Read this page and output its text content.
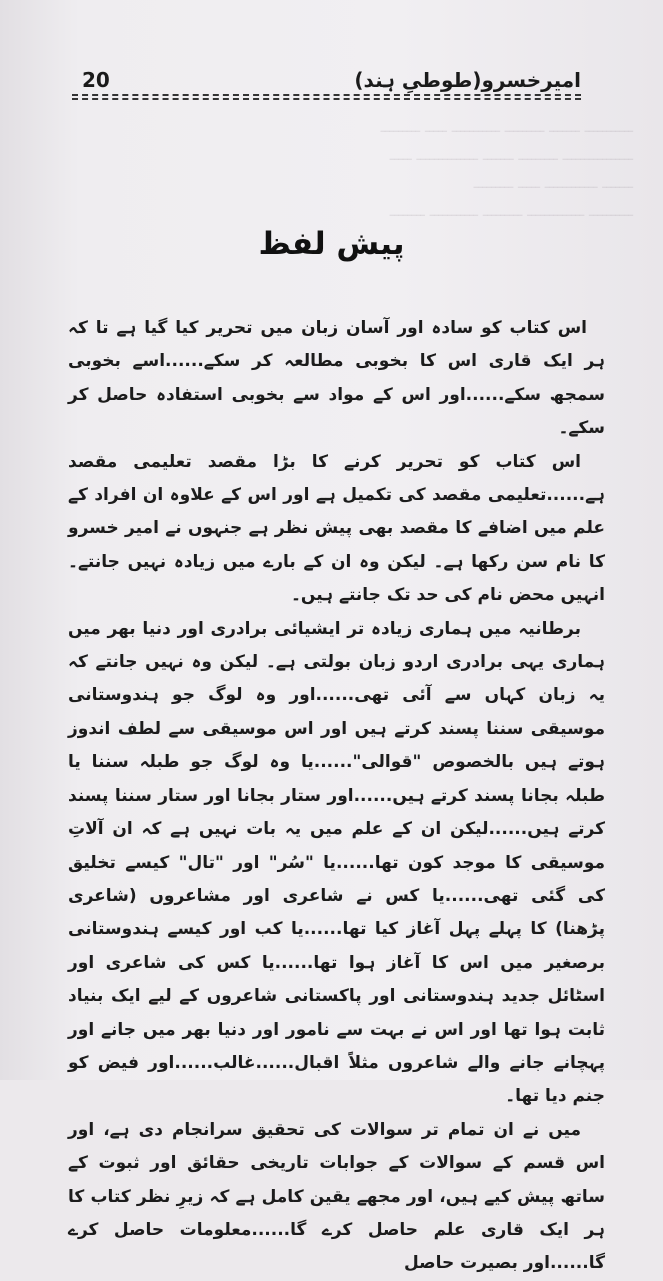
ـــــــــــ ـــــــ ـــــــــ ـــــــــــ ـــــ ـــــــــ
ــــــــــــــــ ـــــــــ ـــــــ ــــــــــــــ ـــــ
ـــــــ ــــــــــــ ـــــ ـــــــــ
ــــــــــ ـــــــــــــ ـــــــــ ـــــــــــ ــــــــ
20	امیرخسرو(طوطیِ ہند)
پیش لفظ

اس کتاب کو سادہ اور آسان زبان میں تحریر کیا گیا ہے تا کہ ہر ایک قاری اس کا بخوبی مطالعہ کر سکے......اسے بخوبی سمجھ سکے......اور اس کے مواد سے بخوبی استفادہ حاصل کر سکے۔

اس کتاب کو تحریر کرنے کا بڑا مقصد تعلیمی مقصد ہے......تعلیمی مقصد کی تکمیل ہے اور اس کے علاوہ ان افراد کے علم میں اضافے کا مقصد بھی پیش نظر ہے جنہوں نے امیر خسرو کا نام سن رکھا ہے۔ لیکن وہ ان کے بارے میں زیادہ نہیں جانتے۔ انہیں محض نام کی حد تک جانتے ہیں۔

برطانیہ میں ہماری زیادہ تر ایشیائی برادری اور دنیا بھر میں ہماری یہی برادری اردو زبان بولتی ہے۔ لیکن وہ نہیں جانتے کہ یہ زبان کہاں سے آئی تھی......اور وہ لوگ جو ہندوستانی موسیقی سننا پسند کرتے ہیں اور اس موسیقی سے لطف اندوز ہوتے ہیں بالخصوص "قوالی"......یا وہ لوگ جو طبلہ سننا یا طبلہ بجانا پسند کرتے ہیں......اور ستار بجانا اور ستار سننا پسند کرتے ہیں......لیکن ان کے علم میں یہ بات نہیں ہے کہ ان آلاتِ موسیقی کا موجد کون تھا......یا "سُر" اور "تال" کیسے تخلیق کی گئی تھی......یا کس نے شاعری اور مشاعروں (شاعری پڑھنا) کا پہلے پہل آغاز کیا تھا......یا کب اور کیسے ہندوستانی برصغیر میں اس کا آغاز ہوا تھا......یا کس کی شاعری اور اسٹائل جدید ہندوستانی اور پاکستانی شاعروں کے لیے ایک بنیاد ثابت ہوا تھا اور اس نے بہت سے نامور اور دنیا بھر میں جانے اور پہچانے جانے والے شاعروں مثلاً اقبال......غالب......اور فیض کو جنم دیا تھا۔

میں نے ان تمام تر سوالات کی تحقیق سرانجام دی ہے، اور اس قسم کے سوالات کے جوابات تاریخی حقائق اور ثبوت کے ساتھ پیش کیے ہیں، اور مجھے یقین کامل ہے کہ زیرِ نظر کتاب کا ہر ایک قاری علم حاصل کرے گا......معلومات حاصل کرے گا......اور بصیرت حاصل
